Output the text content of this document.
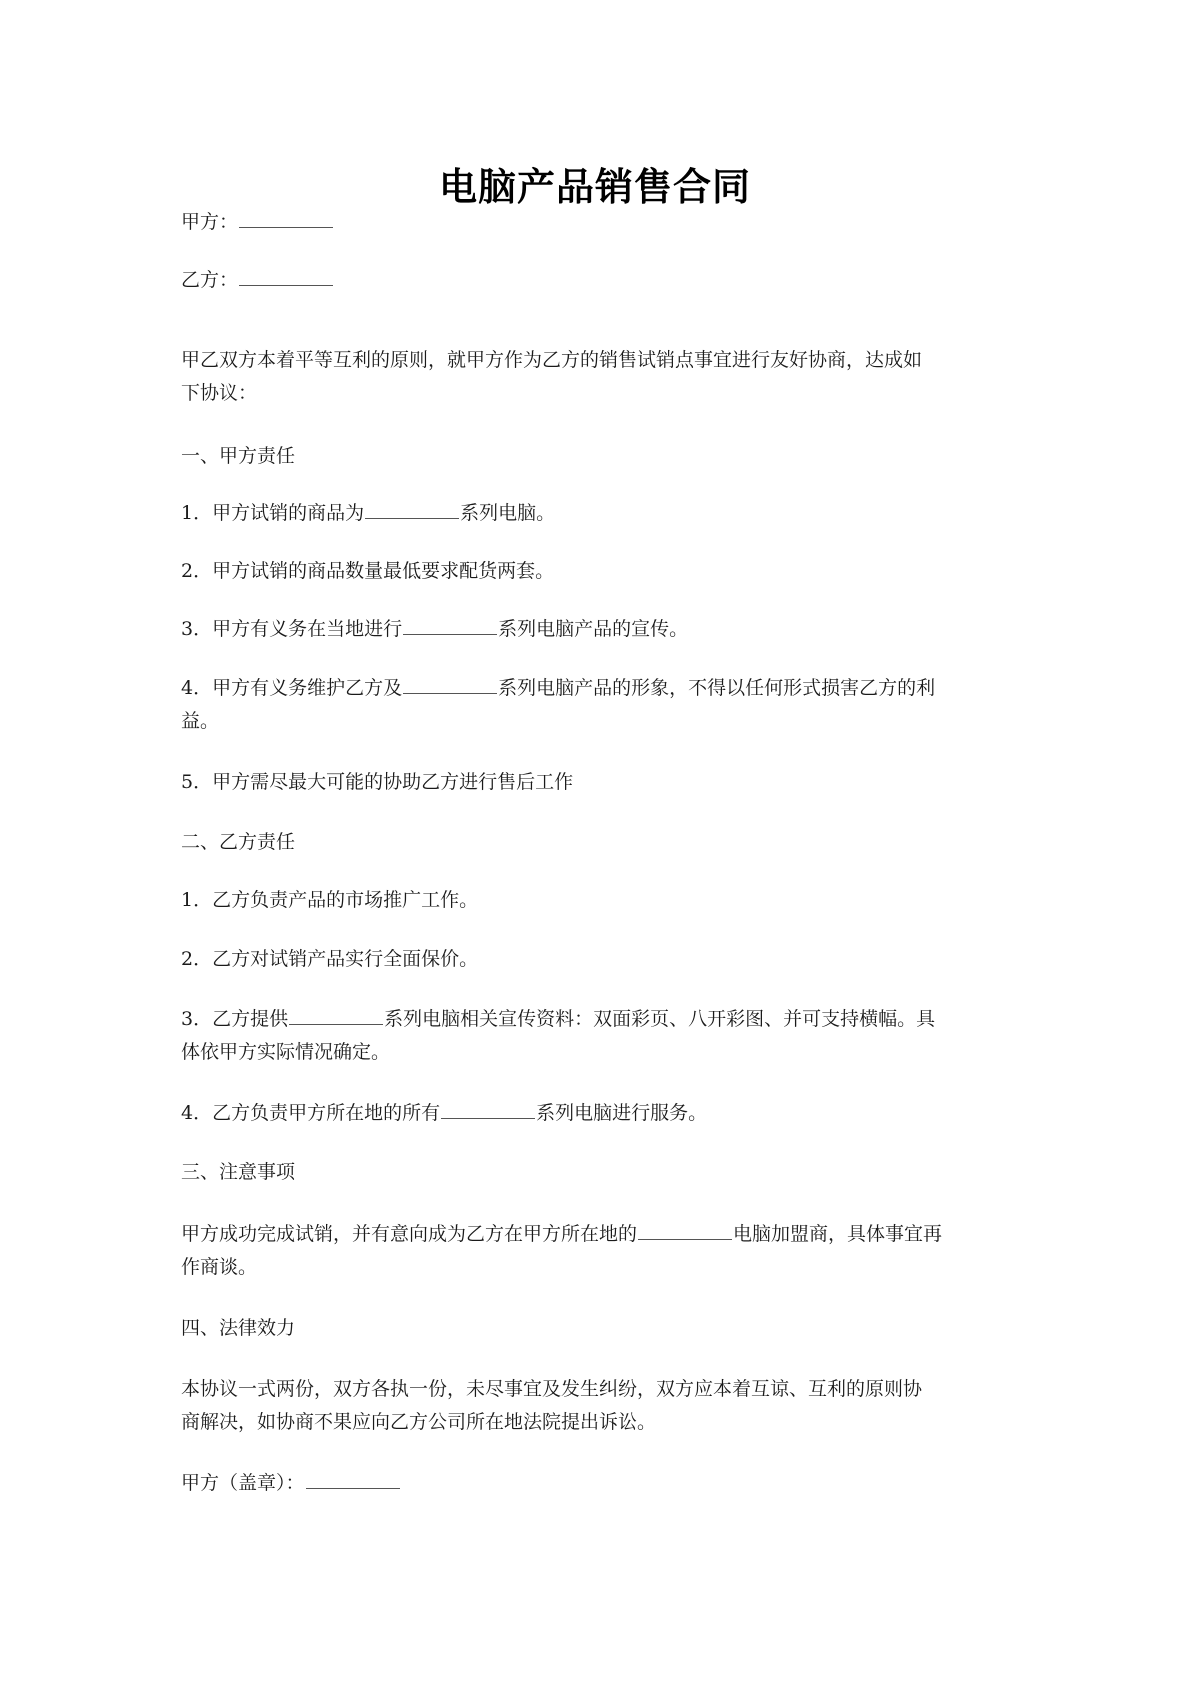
电脑产品销售合同
甲方：
乙方：
甲乙双方本着平等互利的原则，就甲方作为乙方的销售试销点事宜进行友好协商，达成如
下协议：
一、甲方责任
1．甲方试销的商品为	系列电脑。
2．甲方试销的商品数量最低要求配货两套。
3．甲方有义务在当地进行	系列电脑产品的宣传。
4．甲方有义务维护乙方及	系列电脑产品的形象，不得以任何形式损害乙方的利
益。
5．甲方需尽最大可能的协助乙方进行售后工作
二、乙方责任
1．乙方负责产品的市场推广工作。
2．乙方对试销产品实行全面保价。
3．乙方提供	系列电脑相关宣传资料：双面彩页、八开彩图、并可支持横幅。具
体依甲方实际情况确定。
4．乙方负责甲方所在地的所有	系列电脑进行服务。
三、注意事项
甲方成功完成试销，并有意向成为乙方在甲方所在地的	电脑加盟商，具体事宜再
作商谈。
四、法律效力
本协议一式两份，双方各执一份，未尽事宜及发生纠纷，双方应本着互谅、互利的原则协
商解决，如协商不果应向乙方公司所在地法院提出诉讼。
甲方（盖章）：
